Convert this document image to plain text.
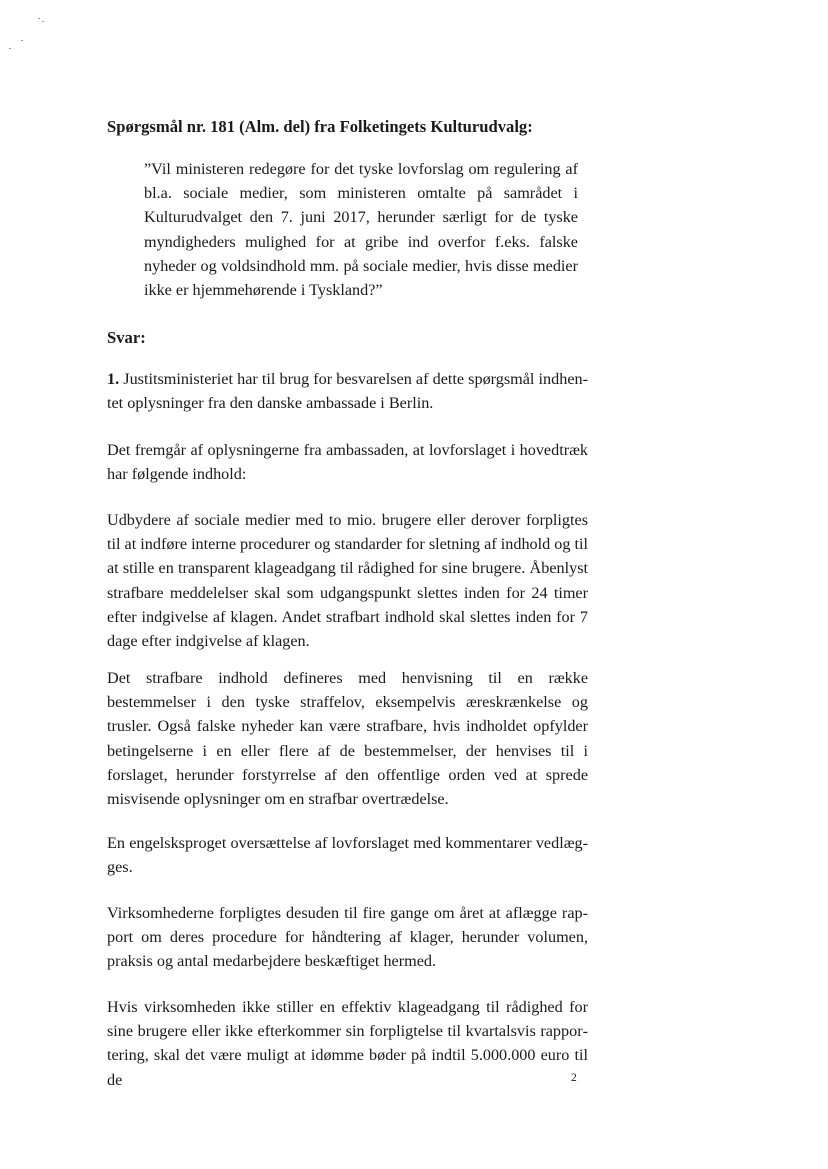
Spørgsmål nr. 181 (Alm. del) fra Folketingets Kulturudvalg:
”Vil ministeren redegøre for det tyske lovforslag om regulering af bl.a. sociale medier, som ministeren omtalte på samrådet i Kulturudvalget den 7. juni 2017, herunder særligt for de tyske myndigheders mulighed for at gribe ind overfor f.eks. falske nyheder og voldsindhold mm. på sociale medier, hvis disse medier ikke er hjemmehørende i Tyskland?”
Svar:
1. Justitsministeriet har til brug for besvarelsen af dette spørgsmål indhentet oplysninger fra den danske ambassade i Berlin.
Det fremgår af oplysningerne fra ambassaden, at lovforslaget i hovedtræk har følgende indhold:
Udbydere af sociale medier med to mio. brugere eller derover forpligtes til at indføre interne procedurer og standarder for sletning af indhold og til at stille en transparent klageadgang til rådighed for sine brugere. Åbenlyst strafbare meddelelser skal som udgangspunkt slettes inden for 24 timer efter indgivelse af klagen. Andet strafbart indhold skal slettes inden for 7 dage efter indgivelse af klagen.
Det strafbare indhold defineres med henvisning til en række bestemmelser i den tyske straffelov, eksempelvis æreskrænkelse og trusler. Også falske nyheder kan være strafbare, hvis indholdet opfylder betingelserne i en eller flere af de bestemmelser, der henvises til i forslaget, herunder forstyrrelse af den offentlige orden ved at sprede misvisende oplysninger om en strafbar overtrædelse.
En engelsksproget oversættelse af lovforslaget med kommentarer vedlægges.
Virksomhederne forpligtes desuden til fire gange om året at aflægge rapport om deres procedure for håndtering af klager, herunder volumen, praksis og antal medarbejdere beskæftiget hermed.
Hvis virksomheden ikke stiller en effektiv klageadgang til rådighed for sine brugere eller ikke efterkommer sin forpligtelse til kvartalsvis rapportering, skal det være muligt at idømme bøder på indtil 5.000.000 euro til de	2
